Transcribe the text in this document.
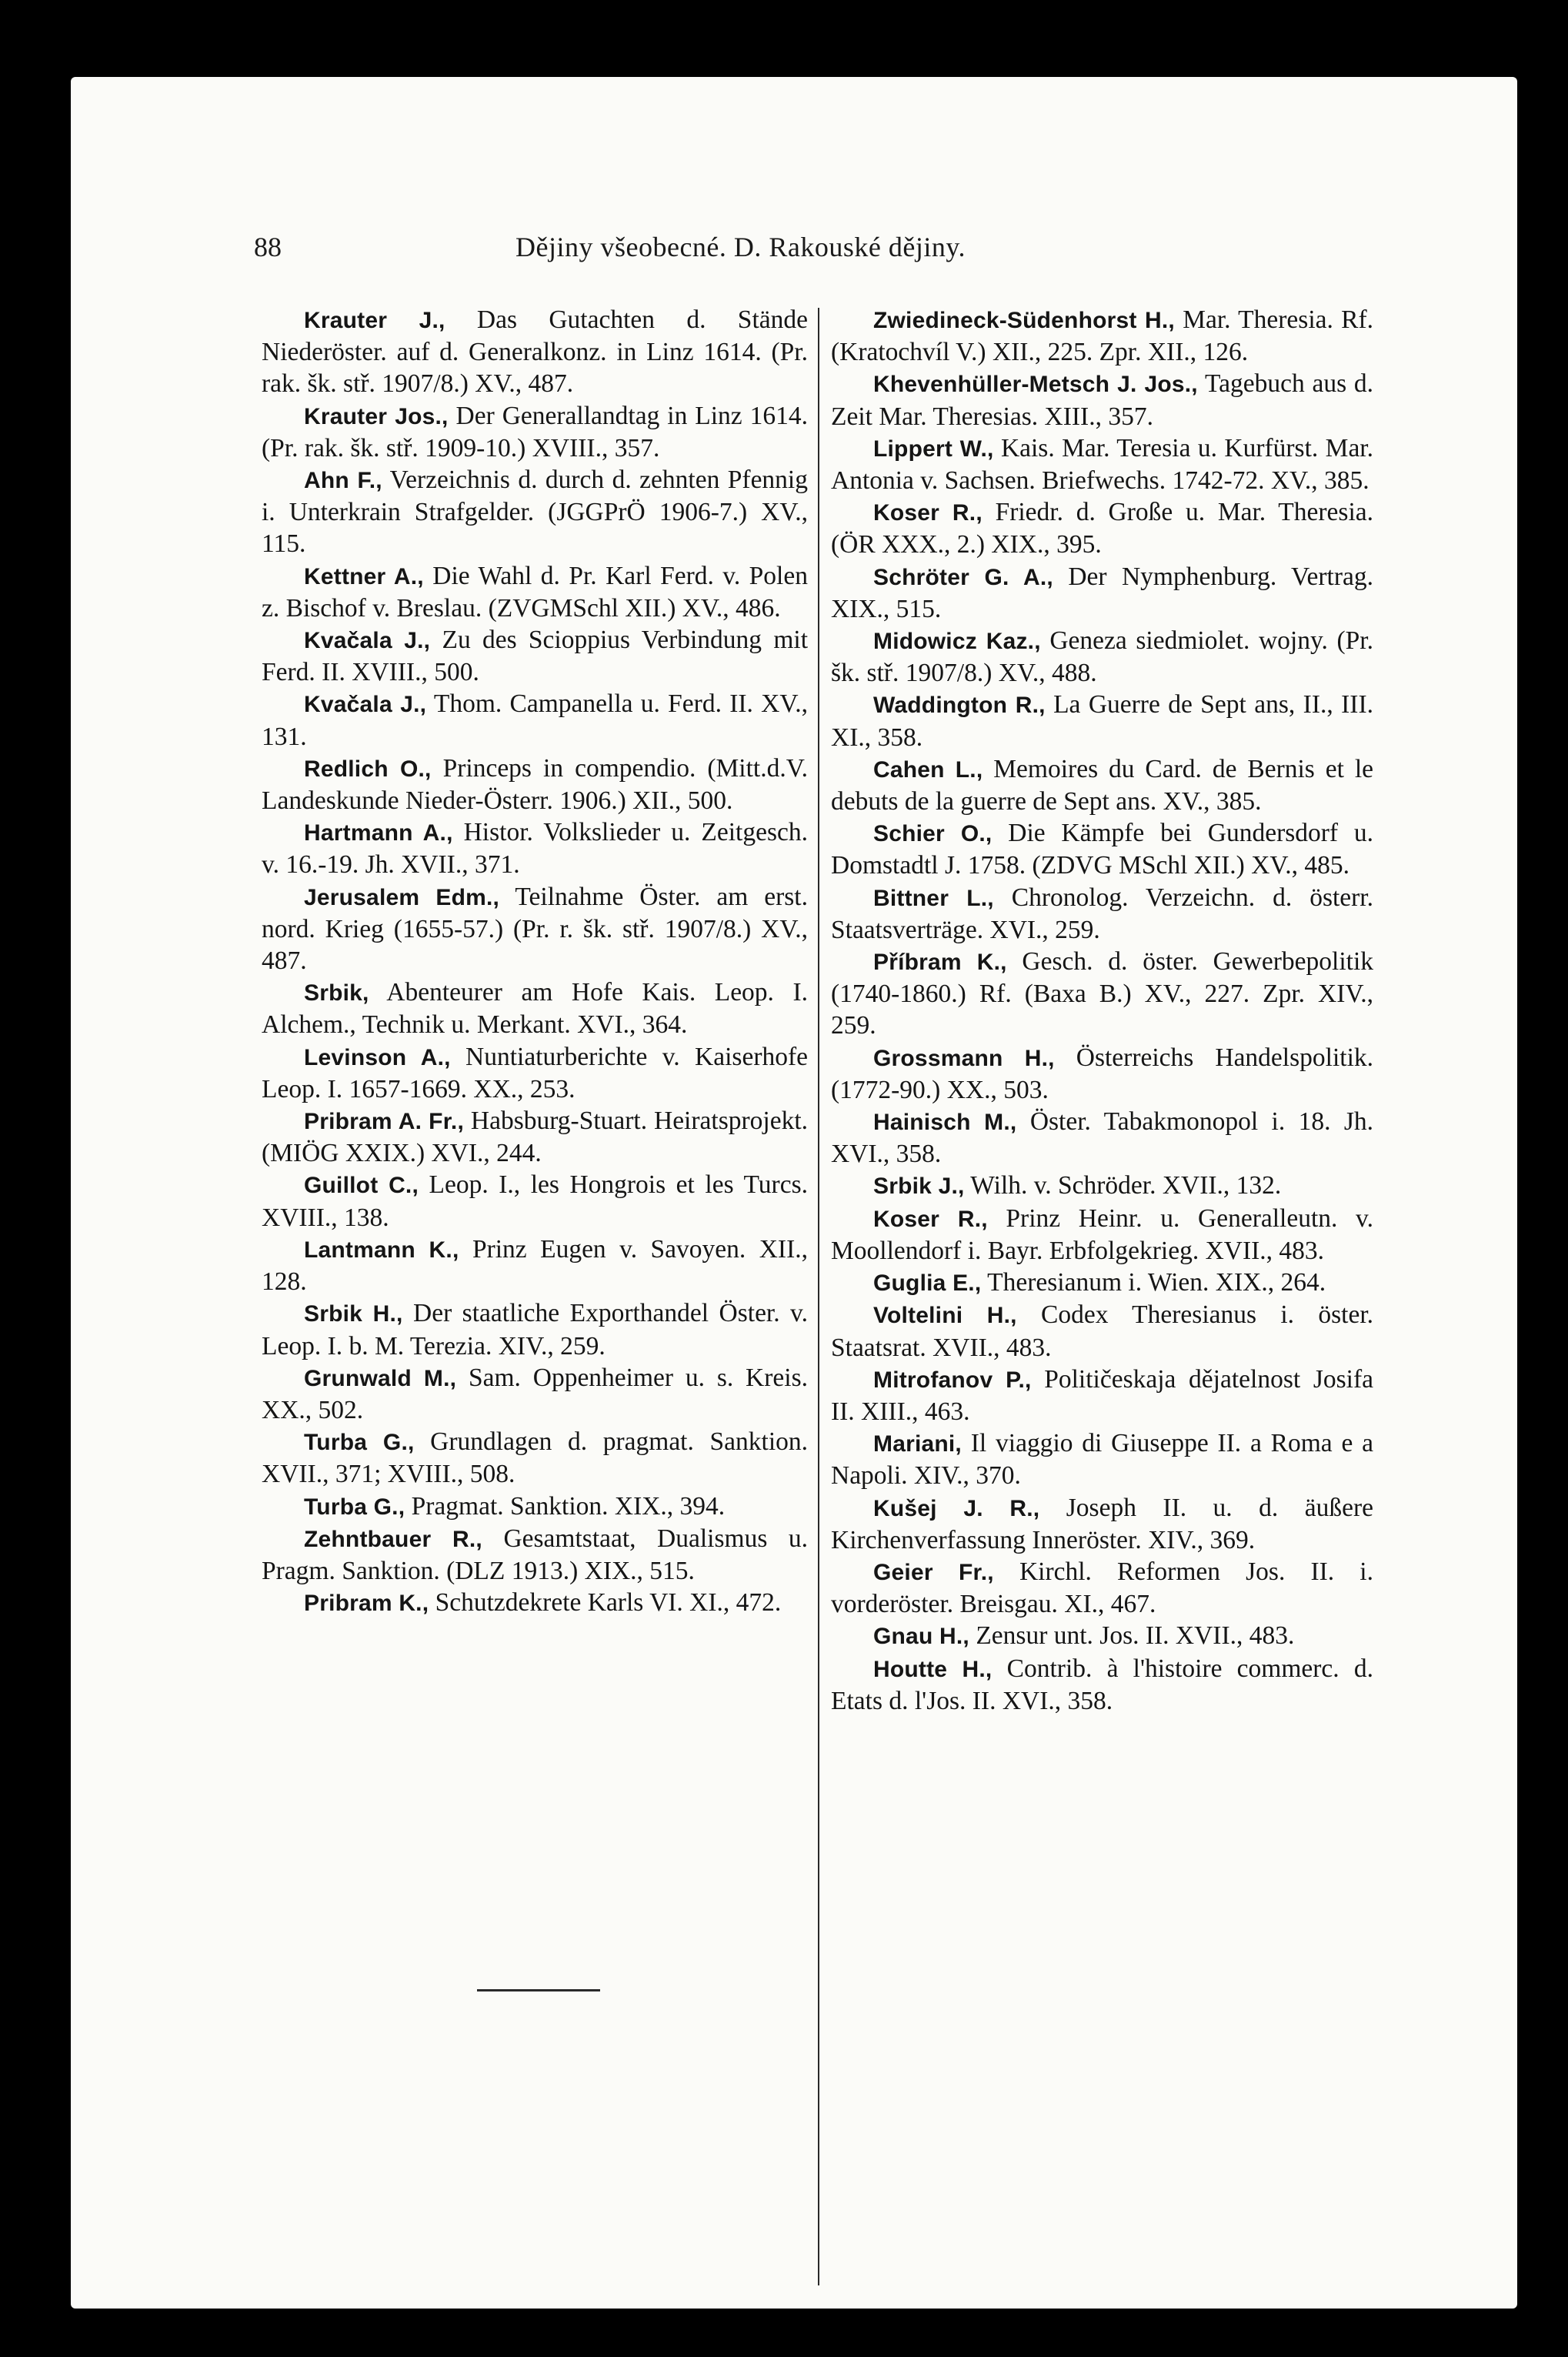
88	Dějiny všeobecné. D. Rakouské dějiny.

Krauter J., Das Gutachten d. Stände Niederöster. auf d. Generalkonz. in Linz 1614. (Pr. rak. šk. stř. 1907/8.) XV., 487.

Krauter Jos., Der Generallandtag in Linz 1614. (Pr. rak. šk. stř. 1909-10.) XVIII., 357.

Ahn F., Verzeichnis d. durch d. zehnten Pfennig i. Unterkrain Strafgelder. (JGGPrÖ 1906-7.) XV., 115.

Kettner A., Die Wahl d. Pr. Karl Ferd. v. Polen z. Bischof v. Breslau. (ZVGMSchl XII.) XV., 486.

Kvačala J., Zu des Scioppius Verbindung mit Ferd. II. XVIII., 500.

Kvačala J., Thom. Campanella u. Ferd. II. XV., 131.

Redlich O., Princeps in compendio. (Mitt.d.V. Landeskunde Nieder-Österr. 1906.) XII., 500.

Hartmann A., Histor. Volkslieder u. Zeitgesch. v. 16.-19. Jh. XVII., 371.

Jerusalem Edm., Teilnahme Öster. am erst. nord. Krieg (1655-57.) (Pr. r. šk. stř. 1907/8.) XV., 487.

Srbik, Abenteurer am Hofe Kais. Leop. I. Alchem., Technik u. Merkant. XVI., 364.

Levinson A., Nuntiaturberichte v. Kaiserhofe Leop. I. 1657-1669. XX., 253.

Pribram A. Fr., Habsburg-Stuart. Heiratsprojekt. (MIÖG XXIX.) XVI., 244.

Guillot C., Leop. I., les Hongrois et les Turcs. XVIII., 138.

Lantmann K., Prinz Eugen v. Savoyen. XII., 128.

Srbik H., Der staatliche Exporthandel Öster. v. Leop. I. b. M. Terezia. XIV., 259.

Grunwald M., Sam. Oppenheimer u. s. Kreis. XX., 502.

Turba G., Grundlagen d. pragmat. Sanktion. XVII., 371; XVIII., 508.

Turba G., Pragmat. Sanktion. XIX., 394.

Zehntbauer R., Gesamtstaat, Dualismus u. Pragm. Sanktion. (DLZ 1913.) XIX., 515.

Pribram K., Schutzdekrete Karls VI. XI., 472.

Zwiedineck-Südenhorst H., Mar. Theresia. Rf. (Kratochvíl V.) XII., 225. Zpr. XII., 126.

Khevenhüller-Metsch J. Jos., Tagebuch aus d. Zeit Mar. Theresias. XIII., 357.

Lippert W., Kais. Mar. Teresia u. Kurfürst. Mar. Antonia v. Sachsen. Briefwechs. 1742-72. XV., 385.

Koser R., Friedr. d. Große u. Mar. Theresia. (ÖR XXX., 2.) XIX., 395.

Schröter G. A., Der Nymphenburg. Vertrag. XIX., 515.

Midowicz Kaz., Geneza siedmiolet. wojny. (Pr. šk. stř. 1907/8.) XV., 488.

Waddington R., La Guerre de Sept ans, II., III. XI., 358.

Cahen L., Memoires du Card. de Bernis et le debuts de la guerre de Sept ans. XV., 385.

Schier O., Die Kämpfe bei Gundersdorf u. Domstadtl J. 1758. (ZDVG MSchl XII.) XV., 485.

Bittner L., Chronolog. Verzeichn. d. österr. Staatsverträge. XVI., 259.

Příbram K., Gesch. d. öster. Gewerbepolitik (1740-1860.) Rf. (Baxa B.) XV., 227. Zpr. XIV., 259.

Grossmann H., Österreichs Handelspolitik. (1772-90.) XX., 503.

Hainisch M., Öster. Tabakmonopol i. 18. Jh. XVI., 358.

Srbik J., Wilh. v. Schröder. XVII., 132.

Koser R., Prinz Heinr. u. Generalleutn. v. Moollendorf i. Bayr. Erbfolgekrieg. XVII., 483.

Guglia E., Theresianum i. Wien. XIX., 264.

Voltelini H., Codex Theresianus i. öster. Staatsrat. XVII., 483.

Mitrofanov P., Političeskaja dějatelnost Josifa II. XIII., 463.

Mariani, Il viaggio di Giuseppe II. a Roma e a Napoli. XIV., 370.

Kušej J. R., Joseph II. u. d. äußere Kirchenverfassung Inneröster. XIV., 369.

Geier Fr., Kirchl. Reformen Jos. II. i. vorderöster. Breisgau. XI., 467.

Gnau H., Zensur unt. Jos. II. XVII., 483.

Houtte H., Contrib. à l'histoire commerc. d. Etats d. l'Jos. II. XVI., 358.
